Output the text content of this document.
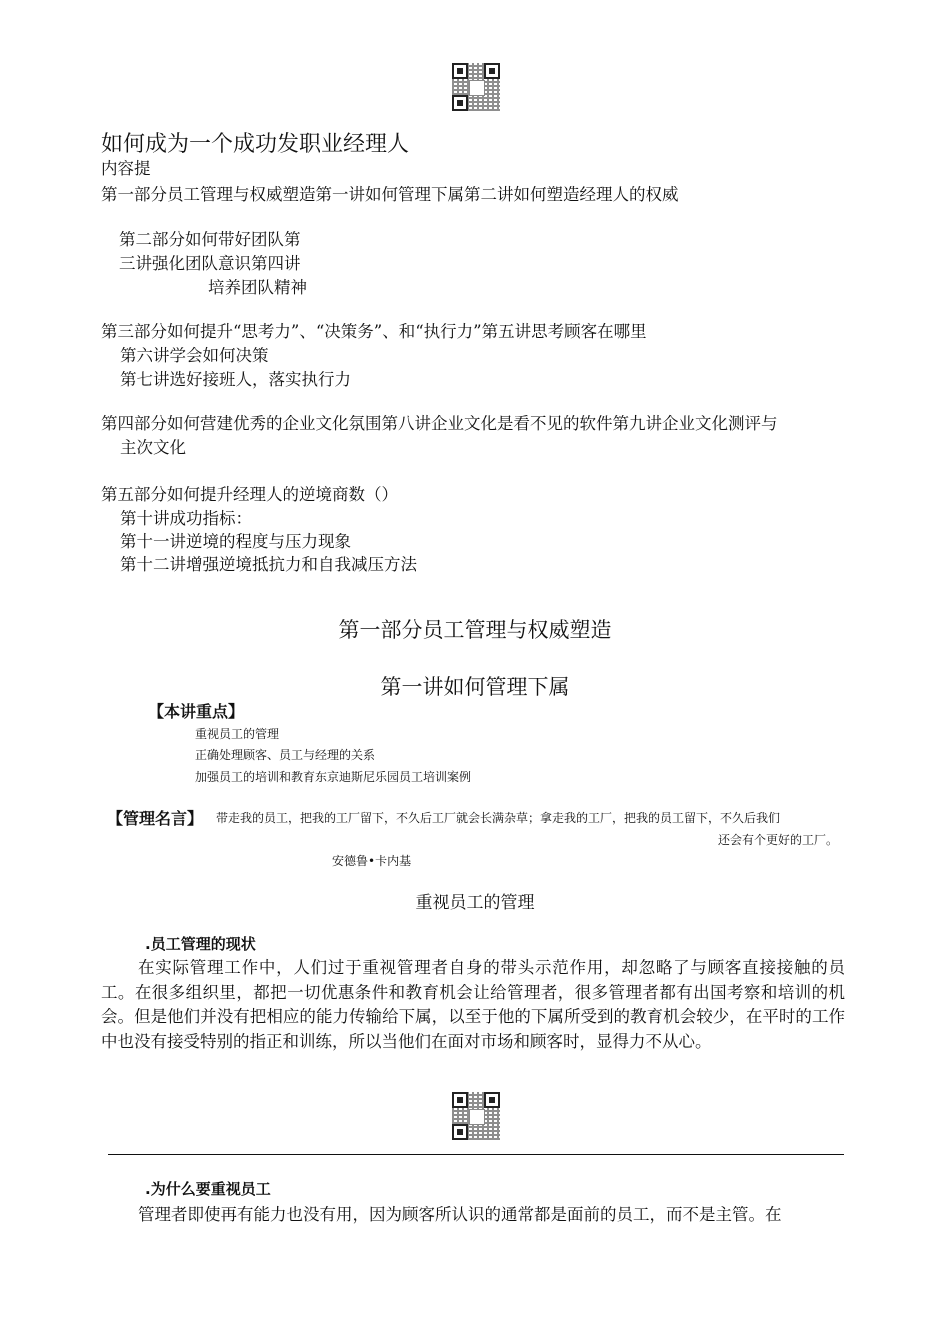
如何成为一个成功发职业经理人
内容提
第一部分员工管理与权威塑造第一讲如何管理下属第二讲如何塑造经理人的权威
第二部分如何带好团队第
三讲强化团队意识第四讲
培养团队精神
第三部分如何提升“思考力”、“决策务”、和“执行力”第五讲思考顾客在哪里
第六讲学会如何决策
第七讲选好接班人，落实执行力
第四部分如何营建优秀的企业文化氛围第八讲企业文化是看不见的软件第九讲企业文化测评与
主次文化
第五部分如何提升经理人的逆境商数（）
第十讲成功指标：
第十一讲逆境的程度与压力现象
第十二讲增强逆境抵抗力和自我减压方法
第一部分员工管理与权威塑造
第一讲如何管理下属
【本讲重点】
重视员工的管理
正确处理顾客、员工与经理的关系
加强员工的培训和教育东京迪斯尼乐园员工培训案例
【管理名言】 带走我的员工，把我的工厂留下，不久后工厂就会长满杂草；拿走我的工厂，把我的员工留下，不久后我们
还会有个更好的工厂。
安德鲁•卡内基
重视员工的管理
.员工管理的现状
在实际管理工作中，人们过于重视管理者自身的带头示范作用，却忽略了与顾客直接接触的员工。在很多组织里，都把一切优惠条件和教育机会让给管理者，很多管理者都有出国考察和培训的机会。但是他们并没有把相应的能力传输给下属，以至于他的下属所受到的教育机会较少，在平时的工作中也没有接受特别的指正和训练，所以当他们在面对市场和顾客时，显得力不从心。
.为什么要重视员工
管理者即使再有能力也没有用，因为顾客所认识的通常都是面前的员工，而不是主管。在
